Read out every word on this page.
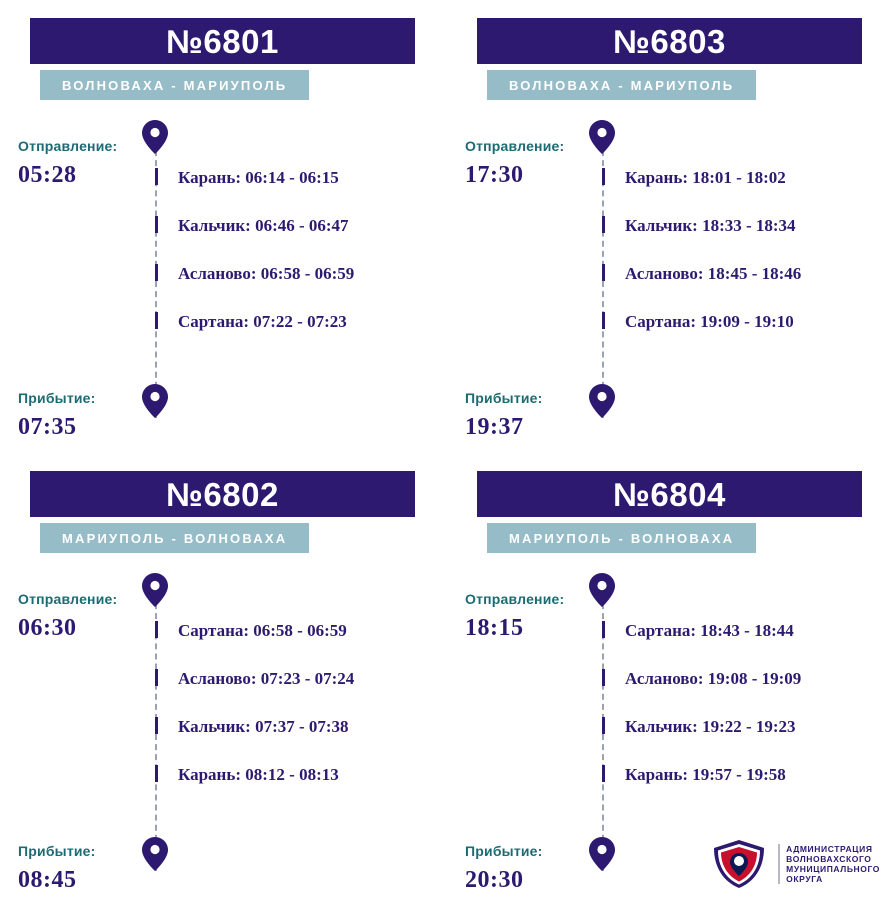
№6801
ВОЛНОВАХА - МАРИУПОЛЬ
Отправление:
05:28
Прибытие:
07:35
Карань: 06:14 - 06:15
Кальчик: 06:46 - 06:47
Асланово: 06:58 - 06:59
Сартана: 07:22 - 07:23
№6803
ВОЛНОВАХА - МАРИУПОЛЬ
Отправление:
17:30
Прибытие:
19:37
Карань: 18:01 - 18:02
Кальчик: 18:33 - 18:34
Асланово: 18:45 - 18:46
Сартана: 19:09 - 19:10
№6802
МАРИУПОЛЬ - ВОЛНОВАХА
Отправление:
06:30
Прибытие:
08:45
Сартана: 06:58 - 06:59
Асланово: 07:23 - 07:24
Кальчик: 07:37 - 07:38
Карань: 08:12 - 08:13
№6804
МАРИУПОЛЬ - ВОЛНОВАХА
Отправление:
18:15
Прибытие:
20:30
Сартана: 18:43 - 18:44
Асланово: 19:08 - 19:09
Кальчик: 19:22 - 19:23
Карань: 19:57 - 19:58
АДМИНИСТРАЦИЯ
ВОЛНОВАХСКОГО
МУНИЦИПАЛЬНОГО
ОКРУГА
